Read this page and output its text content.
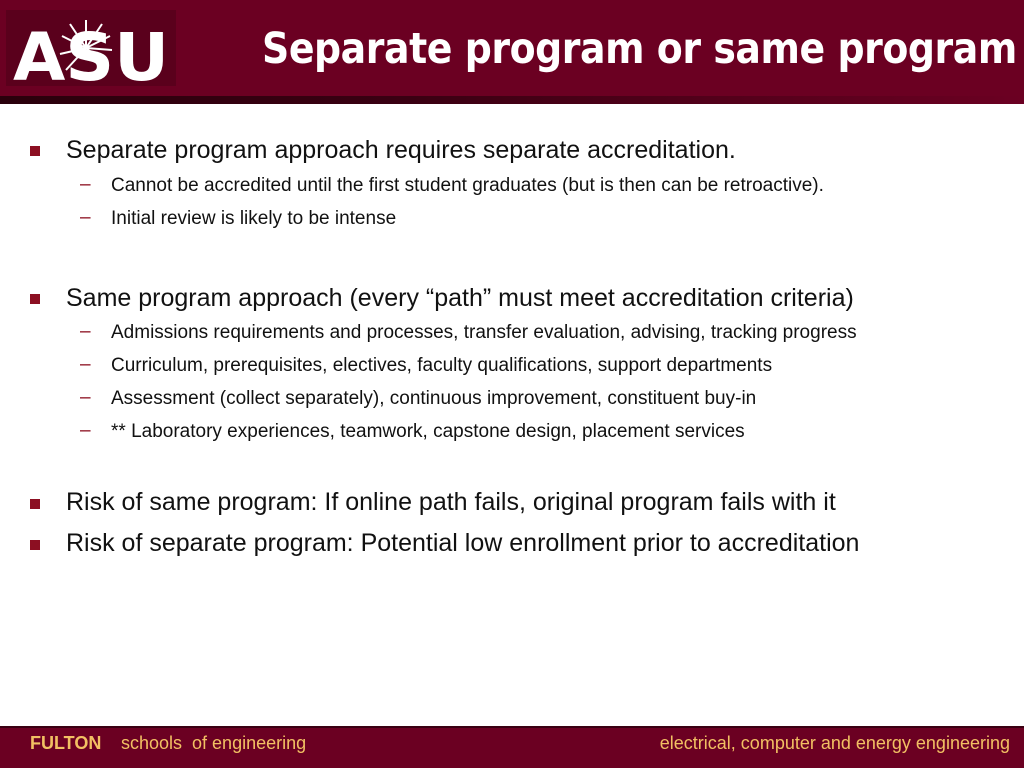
ASU Separate program or same program
Separate program approach requires separate accreditation.
– Cannot be accredited until the first student graduates (but is then can be retroactive).
– Initial review is likely to be intense
Same program approach (every “path” must meet accreditation criteria)
– Admissions requirements and processes, transfer evaluation, advising, tracking progress
– Curriculum, prerequisites, electives, faculty qualifications, support departments
– Assessment (collect separately), continuous improvement, constituent buy-in
– ** Laboratory experiences, teamwork, capstone design, placement services
Risk of same program: If online path fails, original program fails with it
Risk of separate program: Potential low enrollment prior to accreditation
FULTON schools  of engineering	electrical, computer and energy engineering
